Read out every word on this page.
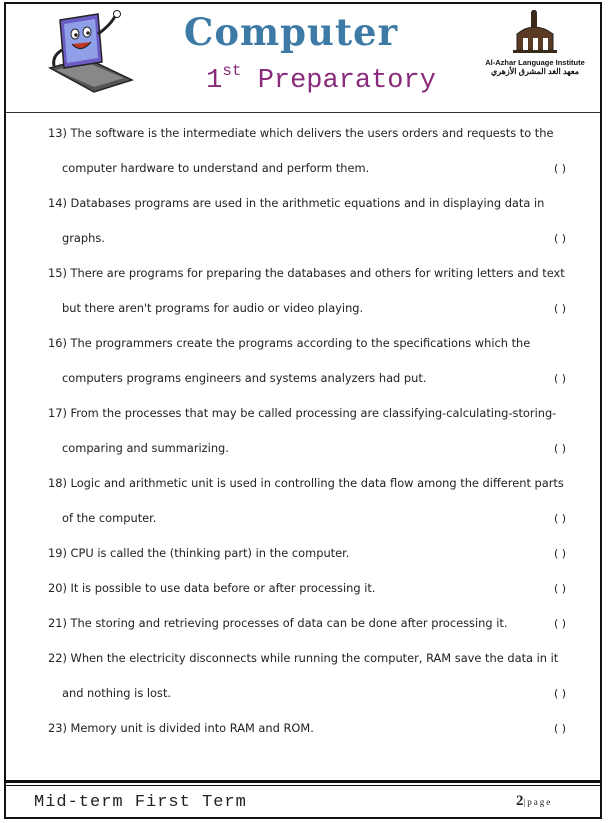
Computer
1st Preparatory
Al-Azhar Language Institute
معهد الغد المشرق الأزهري
13) The software is the intermediate which delivers the users orders and requests to the
computer hardware to understand and perform them.	( )
14) Databases programs are used in the arithmetic equations and in displaying data in
graphs.	( )
15) There are programs for preparing the databases and others for writing letters and text
but there aren't programs for audio or video playing.	( )
16) The programmers create the programs according to the specifications which the
computers programs engineers and systems analyzers had put.	( )
17) From the processes that may be called processing are classifying-calculating-storing-
comparing and summarizing.	( )
18) Logic and arithmetic unit is used in controlling the data flow among the different parts
of the computer.	( )
19) CPU is called the (thinking part) in the computer.	( )
20) It is possible to use data before or after processing it.	( )
21) The storing and retrieving processes of data can be done after processing it.	( )
22) When the electricity disconnects while running the computer, RAM save the data in it
and nothing is lost.	( )
23) Memory unit is divided into RAM and ROM.	( )
Mid-term First Term	2|page
